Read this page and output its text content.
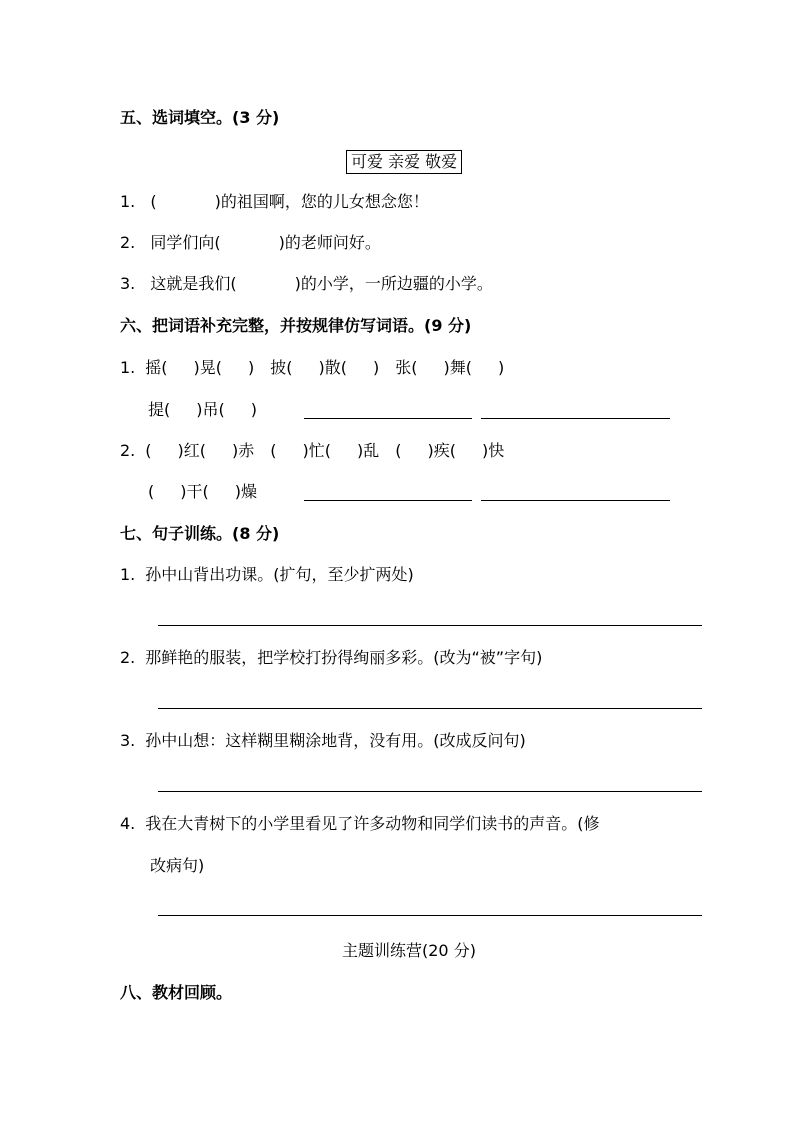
五、选词填空。(3 分)
可爱 亲爱 敬爱
1. (	)的祖国啊，您的儿女想念您！
2. 同学们向(	)的老师问好。
3. 这就是我们(	)的小学，一所边疆的小学。
六、把词语补充完整，并按规律仿写词语。(9 分)
1. 摇( )晃( ) 披( )散( ) 张( )舞( )
提( )吊( )
2. ( )红( )赤 ( )忙( )乱 ( )疾( )快
( )干( )燥
七、句子训练。(8 分)
1. 孙中山背出功课。(扩句，至少扩两处)
2. 那鲜艳的服装，把学校打扮得绚丽多彩。(改为“被”字句)
3. 孙中山想：这样糊里糊涂地背，没有用。(改成反问句)
4. 我在大青树下的小学里看见了许多动物和同学们读书的声音。(修
改病句)
主题训练营(20 分)
八、教材回顾。
